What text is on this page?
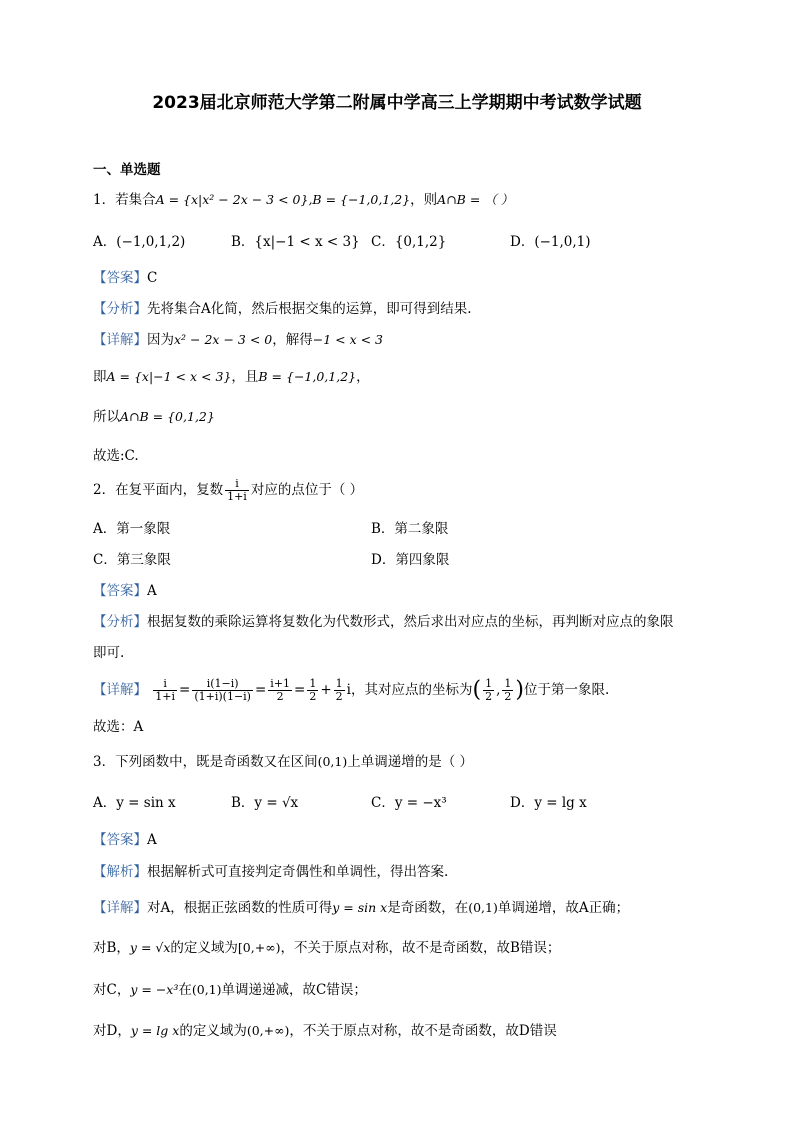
2023届北京师范大学第二附属中学高三上学期期中考试数学试题
一、单选题
1．若集合A = {x|x² − 2x − 3 < 0},B = {−1,0,1,2}，则A∩B = （ ）
A．(−1,0,1,2)	B．{x|−1 < x < 3} C．{0,1,2}	D．(−1,0,1)
【答案】C
【分析】先将集合A化简，然后根据交集的运算，即可得到结果.
【详解】因为x² − 2x − 3 < 0，解得−1 < x < 3
即A = {x|−1 < x < 3}，且B = {−1,0,1,2}，
所以A∩B = {0,1,2}
故选:C.
2．在复平面内，复数 $\frac{i}{1+i}$ 对应的点位于（ ）
A．第一象限	B．第二象限
C．第三象限	D．第四象限
【答案】A
【分析】根据复数的乘除运算将复数化为代数形式，然后求出对应点的坐标，再判断对应点的象限
即可.
【详解】 $\frac{i}{1+i} = \frac{i(1-i)}{(1+i)(1-i)} = \frac{i+1}{2} = \frac{1}{2} + \frac{1}{2}$ i，其对应点的坐标为( $\frac{1}{2}$ , $\frac{1}{2}$ )位于第一象限.
故选：A
3．下列函数中，既是奇函数又在区间(0,1)上单调递增的是（ ）
A．y = sin x	B．y = √x	C．y = −x³	D．y = lg x
【答案】A
【解析】根据解析式可直接判定奇偶性和单调性，得出答案.
【详解】对A，根据正弦函数的性质可得y = sin x是奇函数，在(0,1)单调递增，故A正确；
对B，y = √x的定义域为[0,+∞)，不关于原点对称，故不是奇函数，故B错误；
对C，y = −x³在(0,1)单调递递减，故C错误；
对D，y = lg x的定义域为(0,+∞)，不关于原点对称，故不是奇函数，故D错误
